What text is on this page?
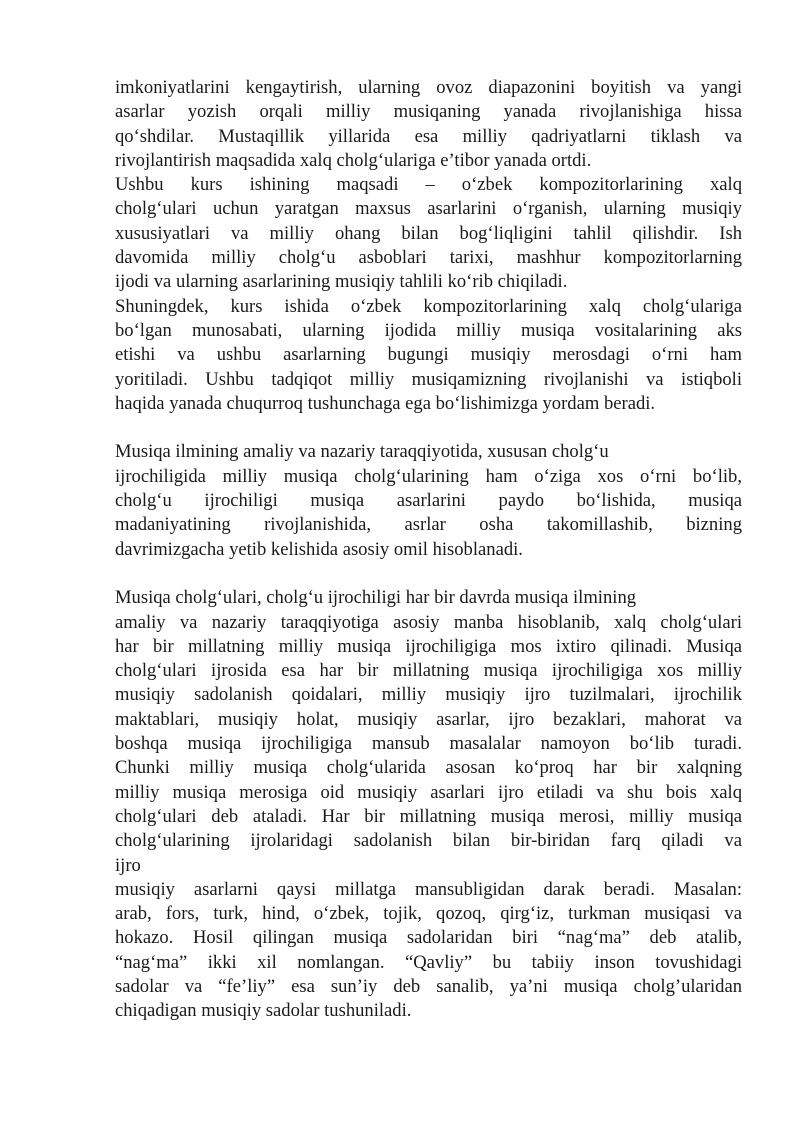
imkoniyatlarini kengaytirish, ularning ovoz diapazonini boyitish va yangi
asarlar yozish orqali milliy musiqaning yanada rivojlanishiga hissa
qo‘shdilar. Mustaqillik yillarida esa milliy qadriyatlarni tiklash va
rivojlantirish maqsadida xalq cholg‘ulariga e’tibor yanada ortdi.
Ushbu kurs ishining maqsadi – o‘zbek kompozitorlarining xalq
cholg‘ulari uchun yaratgan maxsus asarlarini o‘rganish, ularning musiqiy
xususiyatlari va milliy ohang bilan bog‘liqligini tahlil qilishdir. Ish
davomida milliy cholg‘u asboblari tarixi, mashhur kompozitorlarning
ijodi va ularning asarlarining musiqiy tahlili ko‘rib chiqiladi.
Shuningdek, kurs ishida o‘zbek kompozitorlarining xalq cholg‘ulariga
bo‘lgan munosabati, ularning ijodida milliy musiqa vositalarining aks
etishi va ushbu asarlarning bugungi musiqiy merosdagi o‘rni ham
yoritiladi. Ushbu tadqiqot milliy musiqamizning rivojlanishi va istiqboli
haqida yanada chuqurroq tushunchaga ega bo‘lishimizga yordam beradi.
Musiqa ilmining amaliy va nazariy taraqqiyotida, xususan cholg‘u
ijrochiligida milliy musiqa cholg‘ularining ham o‘ziga xos o‘rni bo‘lib,
cholg‘u ijrochiligi musiqa asarlarini paydo bo‘lishida, musiqa
madaniyatining rivojlanishida, asrlar osha takomillashib, bizning
davrimizgacha yetib kelishida asosiy omil hisoblanadi.
Musiqa cholg‘ulari, cholg‘u ijrochiligi har bir davrda musiqa ilmining
amaliy va nazariy taraqqiyotiga asosiy manba hisoblanib, xalq cholg‘ulari
har bir millatning milliy musiqa ijrochiligiga mos ixtiro qilinadi. Musiqa
cholg‘ulari ijrosida esa har bir millatning musiqa ijrochiligiga xos milliy
musiqiy sadolanish qoidalari, milliy musiqiy ijro tuzilmalari, ijrochilik
maktablari, musiqiy holat, musiqiy asarlar, ijro bezaklari, mahorat va
boshqa musiqa ijrochiligiga mansub masalalar namoyon bo‘lib turadi.
Chunki milliy musiqa cholg‘ularida asosan ko‘proq har bir xalqning
milliy musiqa merosiga oid musiqiy asarlari ijro etiladi va shu bois xalq
cholg‘ulari deb ataladi. Har bir millatning musiqa merosi, milliy musiqa
cholg‘ularining ijrolaridagi sadolanish bilan bir-biridan farq qiladi va
ijro
musiqiy asarlarni qaysi millatga mansubligidan darak beradi. Masalan:
arab, fors, turk, hind, o‘zbek, tojik, qozoq, qirg‘iz, turkman musiqasi va
hokazo. Hosil qilingan musiqa sadolaridan biri “nag‘ma” deb atalib,
“nag‘ma” ikki xil nomlangan. “Qavliy” bu tabiiy inson tovushidagi
sadolar va “fe’liy” esa sun’iy deb sanalib, ya’ni musiqa cholg’ularidan
chiqadigan musiqiy sadolar tushuniladi.
